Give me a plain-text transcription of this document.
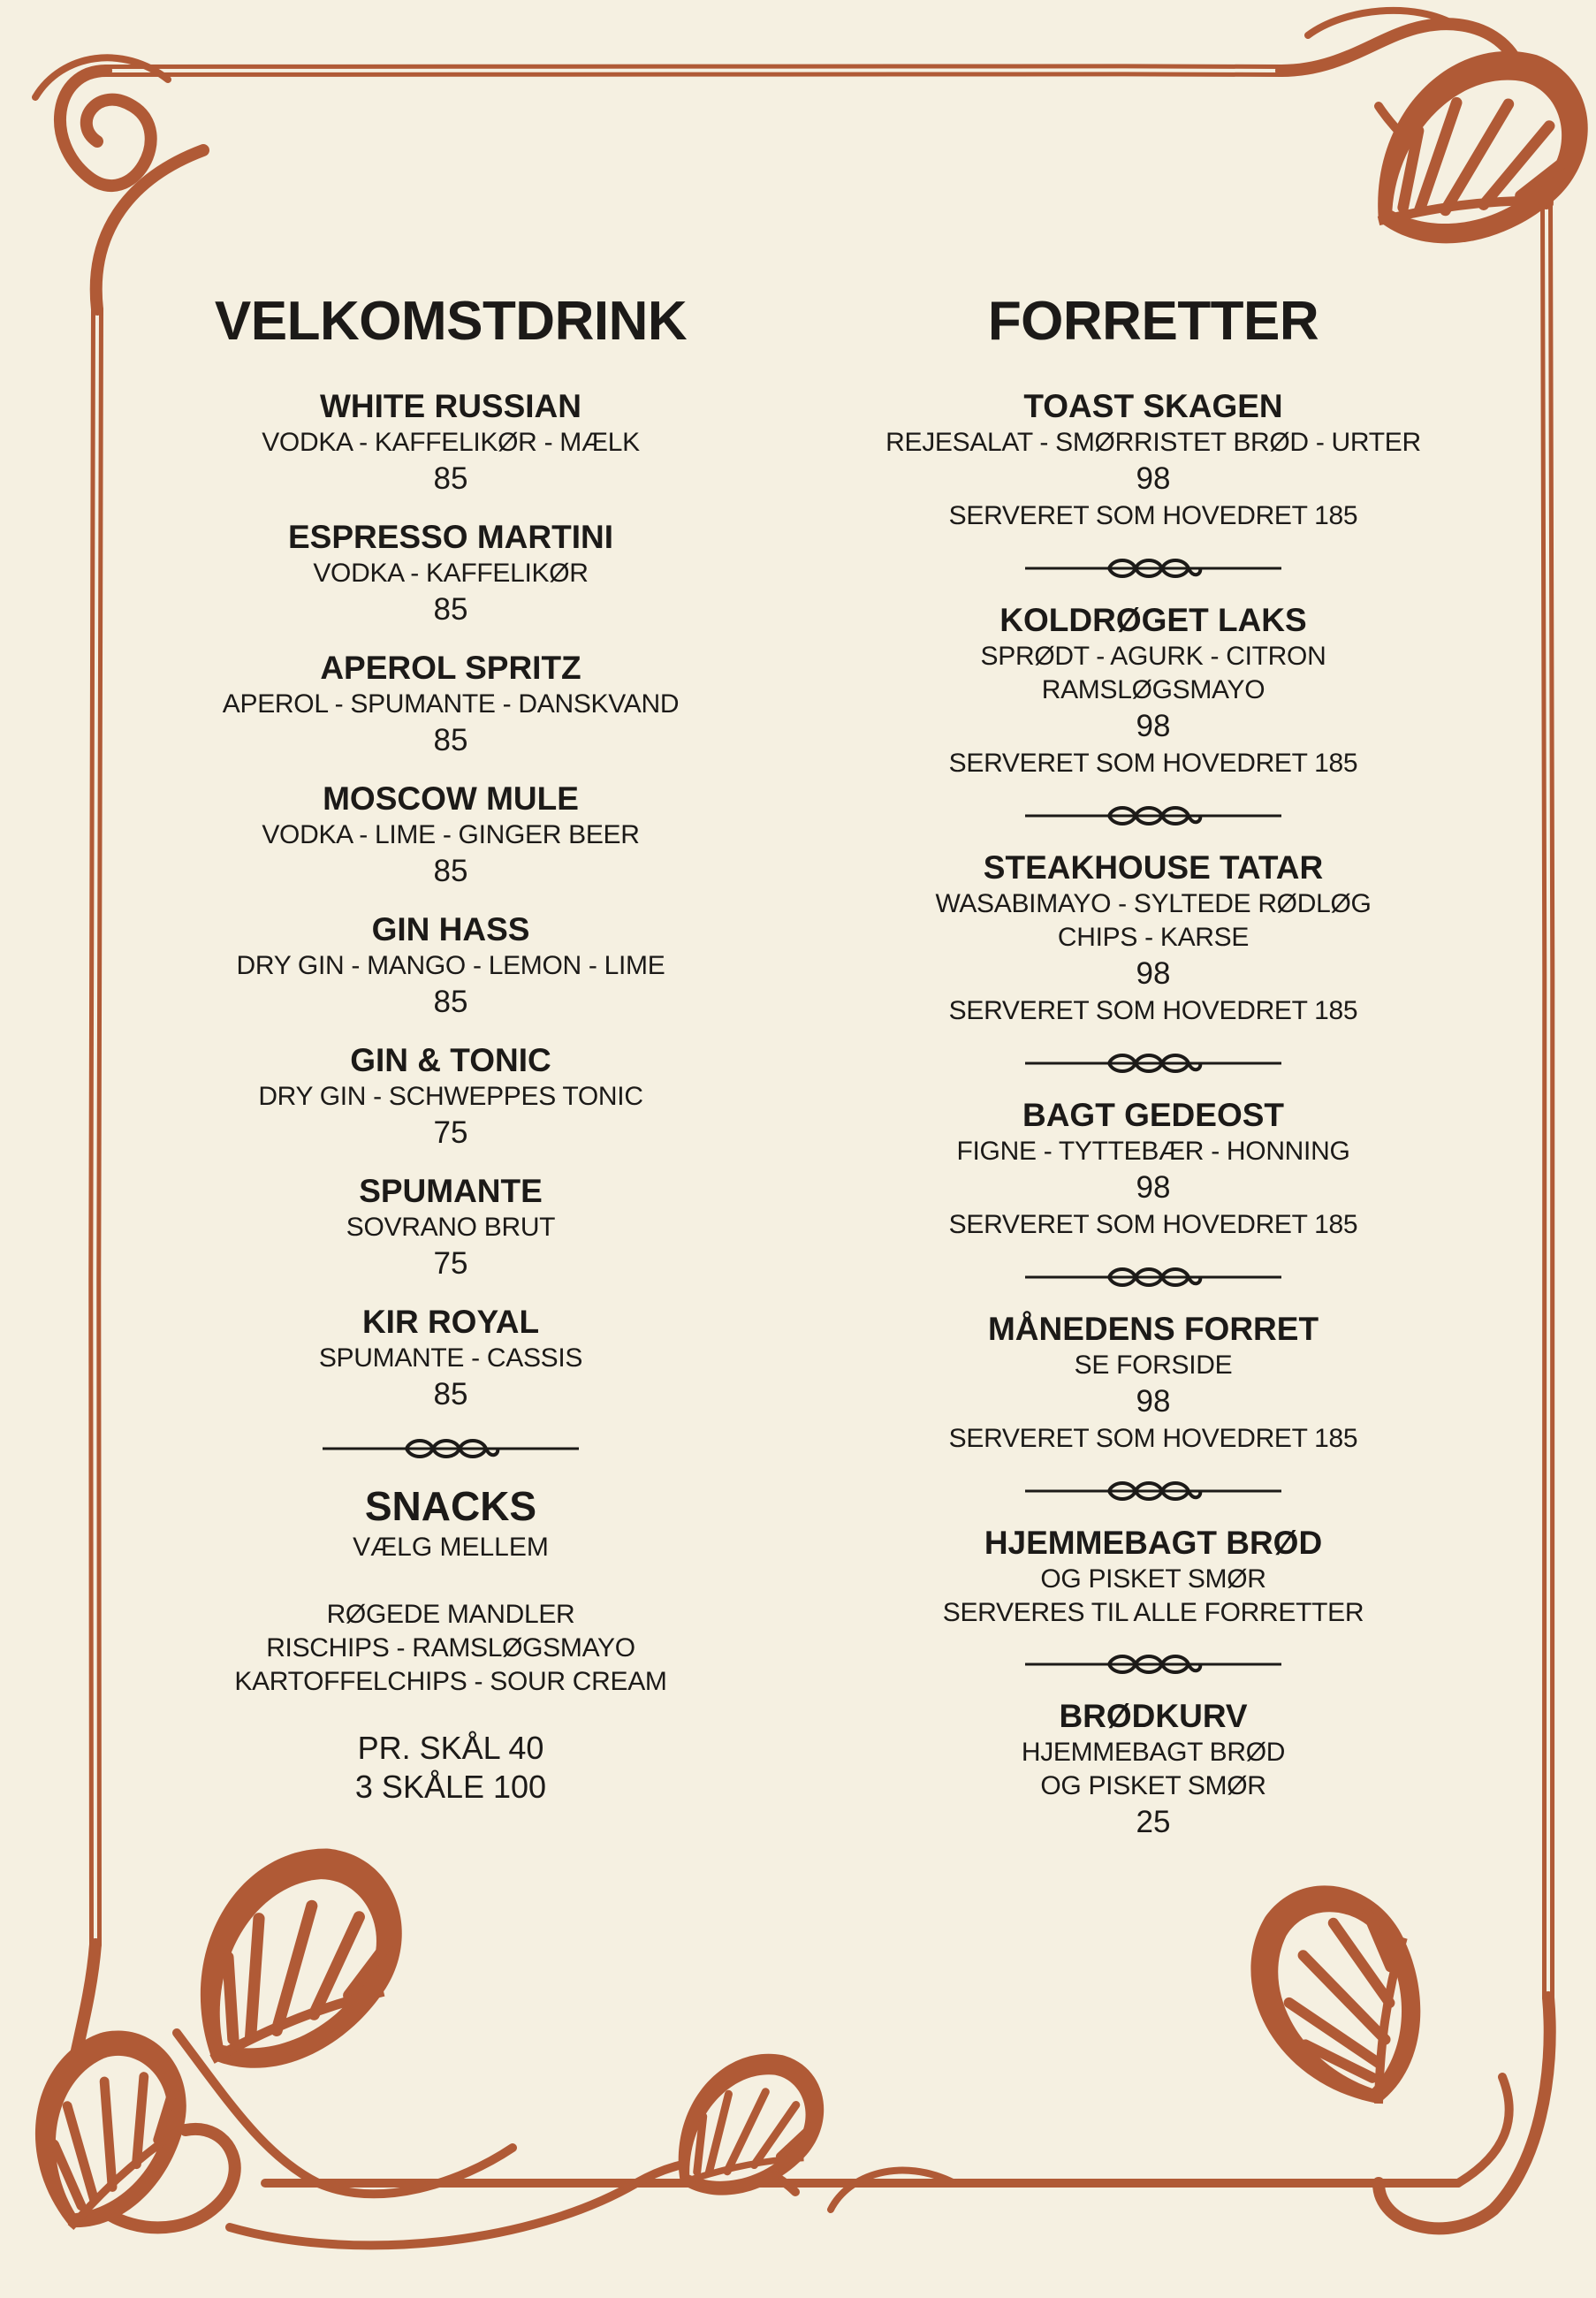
VELKOMSTDRINK
WHITE RUSSIAN
VODKA - KAFFELIKØR - MÆLK
85
ESPRESSO MARTINI
VODKA - KAFFELIKØR
85
APEROL SPRITZ
APEROL - SPUMANTE - DANSKVAND
85
MOSCOW MULE
VODKA - LIME - GINGER BEER
85
GIN HASS
DRY GIN - MANGO - LEMON - LIME
85
GIN & TONIC
DRY GIN - SCHWEPPES TONIC
75
SPUMANTE
SOVRANO BRUT
75
KIR ROYAL
SPUMANTE - CASSIS
85
SNACKS
VÆLG MELLEM
RØGEDE MANDLER
RISCHIPS - RAMSLØGSMAYO
KARTOFFELCHIPS - SOUR CREAM
PR. SKÅL 40
3 SKÅLE 100
FORRETTER
TOAST SKAGEN
REJESALAT - SMØRRISTET BRØD - URTER
98
SERVERET SOM HOVEDRET 185
KOLDRØGET LAKS
SPRØDT - AGURK - CITRON
RAMSLØGSMAYO
98
SERVERET SOM HOVEDRET 185
STEAKHOUSE TATAR
WASABIMAYO - SYLTEDE RØDLØG
CHIPS - KARSE
98
SERVERET SOM HOVEDRET 185
BAGT GEDEOST
FIGNE - TYTTEBÆR - HONNING
98
SERVERET SOM HOVEDRET 185
MÅNEDENS FORRET
SE FORSIDE
98
SERVERET SOM HOVEDRET 185
HJEMMEBAGT BRØD
OG PISKET SMØR
SERVERES TIL ALLE FORRETTER
BRØDKURV
HJEMMEBAGT BRØD
OG PISKET SMØR
25
